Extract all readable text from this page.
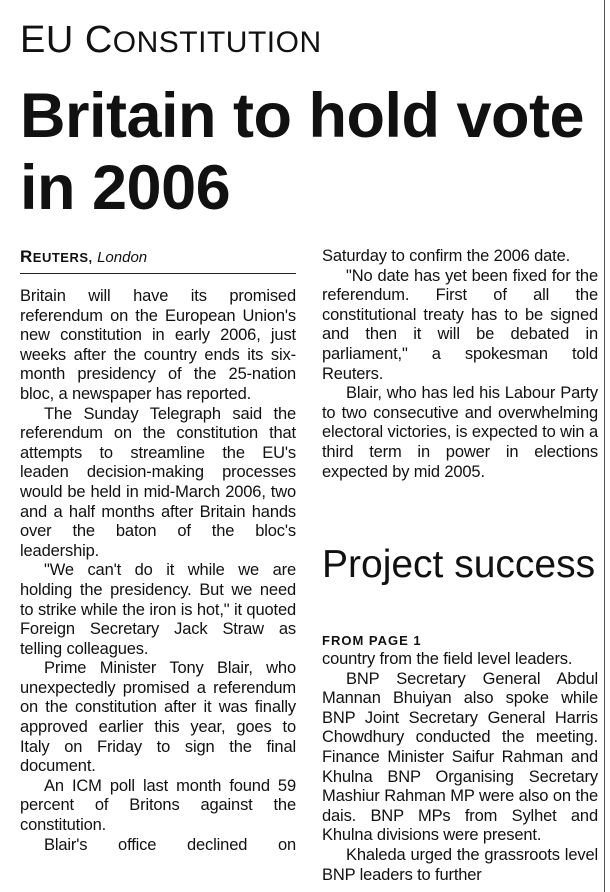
EU CONSTITUTION
Britain to hold vote in 2006
REUTERS, London

Britain will have its promised referendum on the European Union's new constitution in early 2006, just weeks after the country ends its six-month presidency of the 25-nation bloc, a newspaper has reported.

The Sunday Telegraph said the referendum on the constitution that attempts to streamline the EU's leaden decision-making processes would be held in mid-March 2006, two and a half months after Britain hands over the baton of the bloc's leadership.

"We can't do it while we are holding the presidency. But we need to strike while the iron is hot," it quoted Foreign Secretary Jack Straw as telling colleagues.

Prime Minister Tony Blair, who unexpectedly promised a referendum on the constitution after it was finally approved earlier this year, goes to Italy on Friday to sign the final document.

An ICM poll last month found 59 percent of Britons against the constitution.

Blair's office declined on

Saturday to confirm the 2006 date.

"No date has yet been fixed for the referendum. First of all the constitutional treaty has to be signed and then it will be debated in parliament," a spokesman told Reuters.

Blair, who has led his Labour Party to two consecutive and overwhelming electoral victories, is expected to win a third term in power in elections expected by mid 2005.

Project success
FROM PAGE 1

country from the field level leaders.

BNP Secretary General Abdul Mannan Bhuiyan also spoke while BNP Joint Secretary General Harris Chowdhury conducted the meeting. Finance Minister Saifur Rahman and Khulna BNP Organising Secretary Mashiur Rahman MP were also on the dais. BNP MPs from Sylhet and Khulna divisions were present.

Khaleda urged the grassroots level BNP leaders to further
